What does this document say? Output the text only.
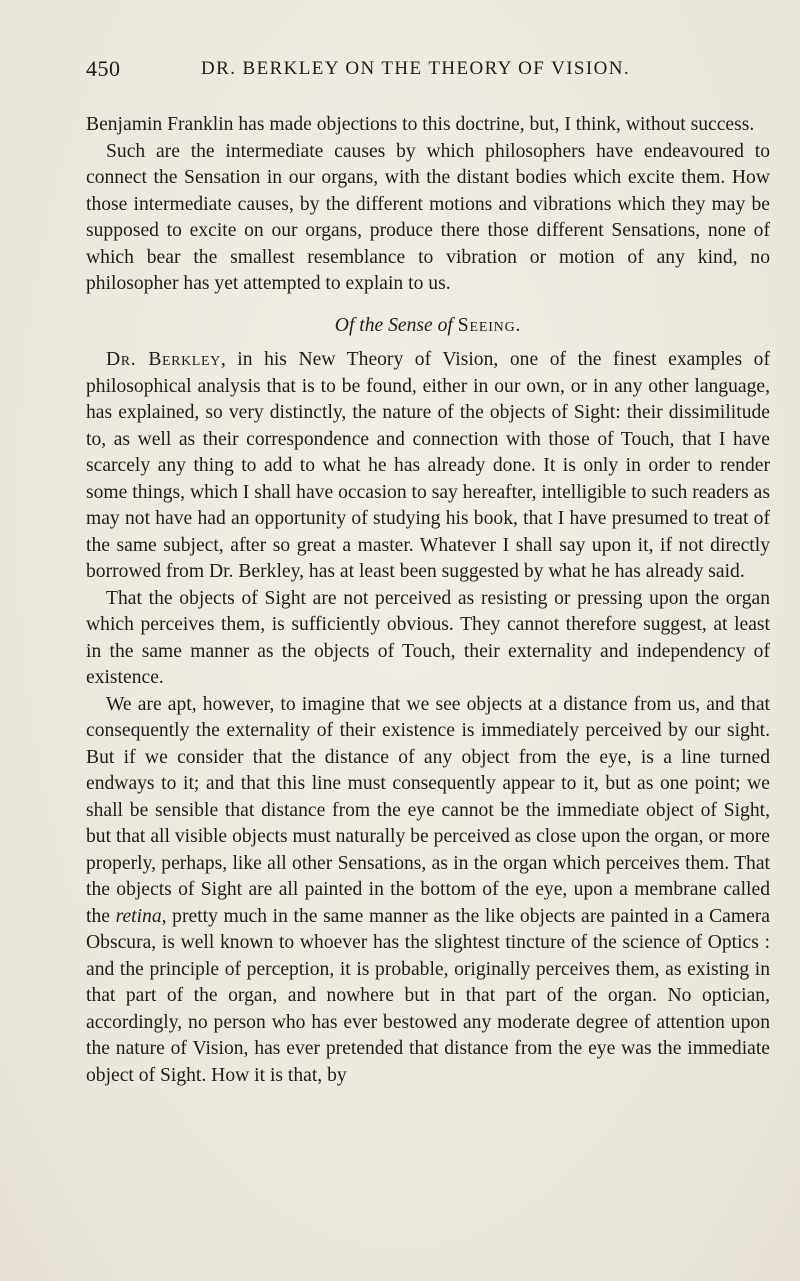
450	DR. BERKLEY ON THE THEORY OF VISION.

Benjamin Franklin has made objections to this doctrine, but, I think, without success.

Such are the intermediate causes by which philosophers have endeavoured to connect the Sensation in our organs, with the distant bodies which excite them. How those intermediate causes, by the different motions and vibrations which they may be supposed to excite on our organs, produce there those different Sensations, none of which bear the smallest resemblance to vibration or motion of any kind, no philosopher has yet attempted to explain to us.

Of the Sense of Seeing.

Dr. Berkley, in his New Theory of Vision, one of the finest examples of philosophical analysis that is to be found, either in our own, or in any other language, has explained, so very distinctly, the nature of the objects of Sight: their dissimilitude to, as well as their correspondence and connection with those of Touch, that I have scarcely any thing to add to what he has already done. It is only in order to render some things, which I shall have occasion to say hereafter, intelligible to such readers as may not have had an opportunity of studying his book, that I have presumed to treat of the same subject, after so great a master. Whatever I shall say upon it, if not directly borrowed from Dr. Berkley, has at least been suggested by what he has already said.

That the objects of Sight are not perceived as resisting or pressing upon the organ which perceives them, is sufficiently obvious. They cannot therefore suggest, at least in the same manner as the objects of Touch, their externality and independency of existence.

We are apt, however, to imagine that we see objects at a distance from us, and that consequently the externality of their existence is immediately perceived by our sight. But if we consider that the distance of any object from the eye, is a line turned endways to it; and that this line must consequently appear to it, but as one point; we shall be sensible that distance from the eye cannot be the immediate object of Sight, but that all visible objects must naturally be perceived as close upon the organ, or more properly, perhaps, like all other Sensations, as in the organ which perceives them. That the objects of Sight are all painted in the bottom of the eye, upon a membrane called the retina, pretty much in the same manner as the like objects are painted in a Camera Obscura, is well known to whoever has the slightest tincture of the science of Optics : and the principle of perception, it is probable, originally perceives them, as existing in that part of the organ, and nowhere but in that part of the organ. No optician, accordingly, no person who has ever bestowed any moderate degree of attention upon the nature of Vision, has ever pretended that distance from the eye was the immediate object of Sight. How it is that, by
